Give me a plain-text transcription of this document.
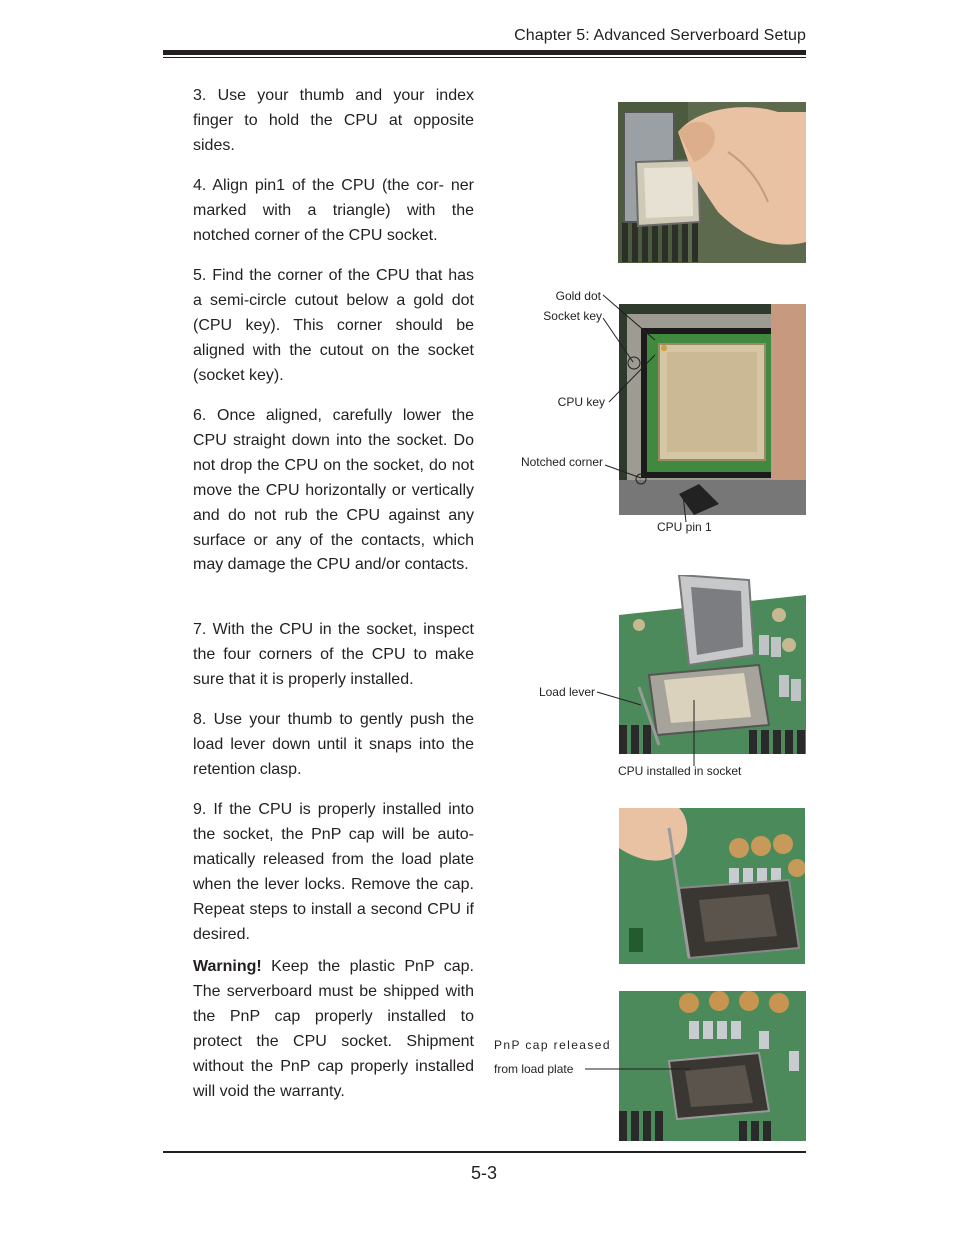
Chapter 5: Advanced Serverboard Setup

3. Use your thumb and your index finger to hold the CPU at opposite sides.

4. Align pin1 of the CPU (the cor- ner marked with a triangle) with the notched corner of the CPU socket.

5. Find the corner of the CPU that has a semi-circle cutout below a gold dot (CPU key). This corner should be aligned with the cutout on the socket (socket key).

6. Once aligned, carefully lower the CPU straight down into the socket. Do not drop the CPU on the socket, do not move the CPU horizontally or vertically and do not rub the CPU against any surface or any of the contacts, which may damage the CPU and/or contacts.

7. With the CPU in the socket, inspect the four corners of the CPU to make sure that it is properly installed.

8. Use your thumb to gently push the load lever down until it snaps into the retention clasp.

9. If the CPU is properly installed into the socket, the PnP cap will be auto- matically released from the load plate when the lever locks. Remove the cap. Repeat steps to install a second CPU if desired.

Warning! Keep the plastic PnP cap. The serverboard must be shipped with the PnP cap properly installed to protect the CPU socket. Shipment without the PnP cap properly installed will void the warranty.

Gold dot
Socket key
CPU key
Notched corner
CPU pin 1
Load lever
CPU installed in socket
PnP cap released
from load plate
5-3
